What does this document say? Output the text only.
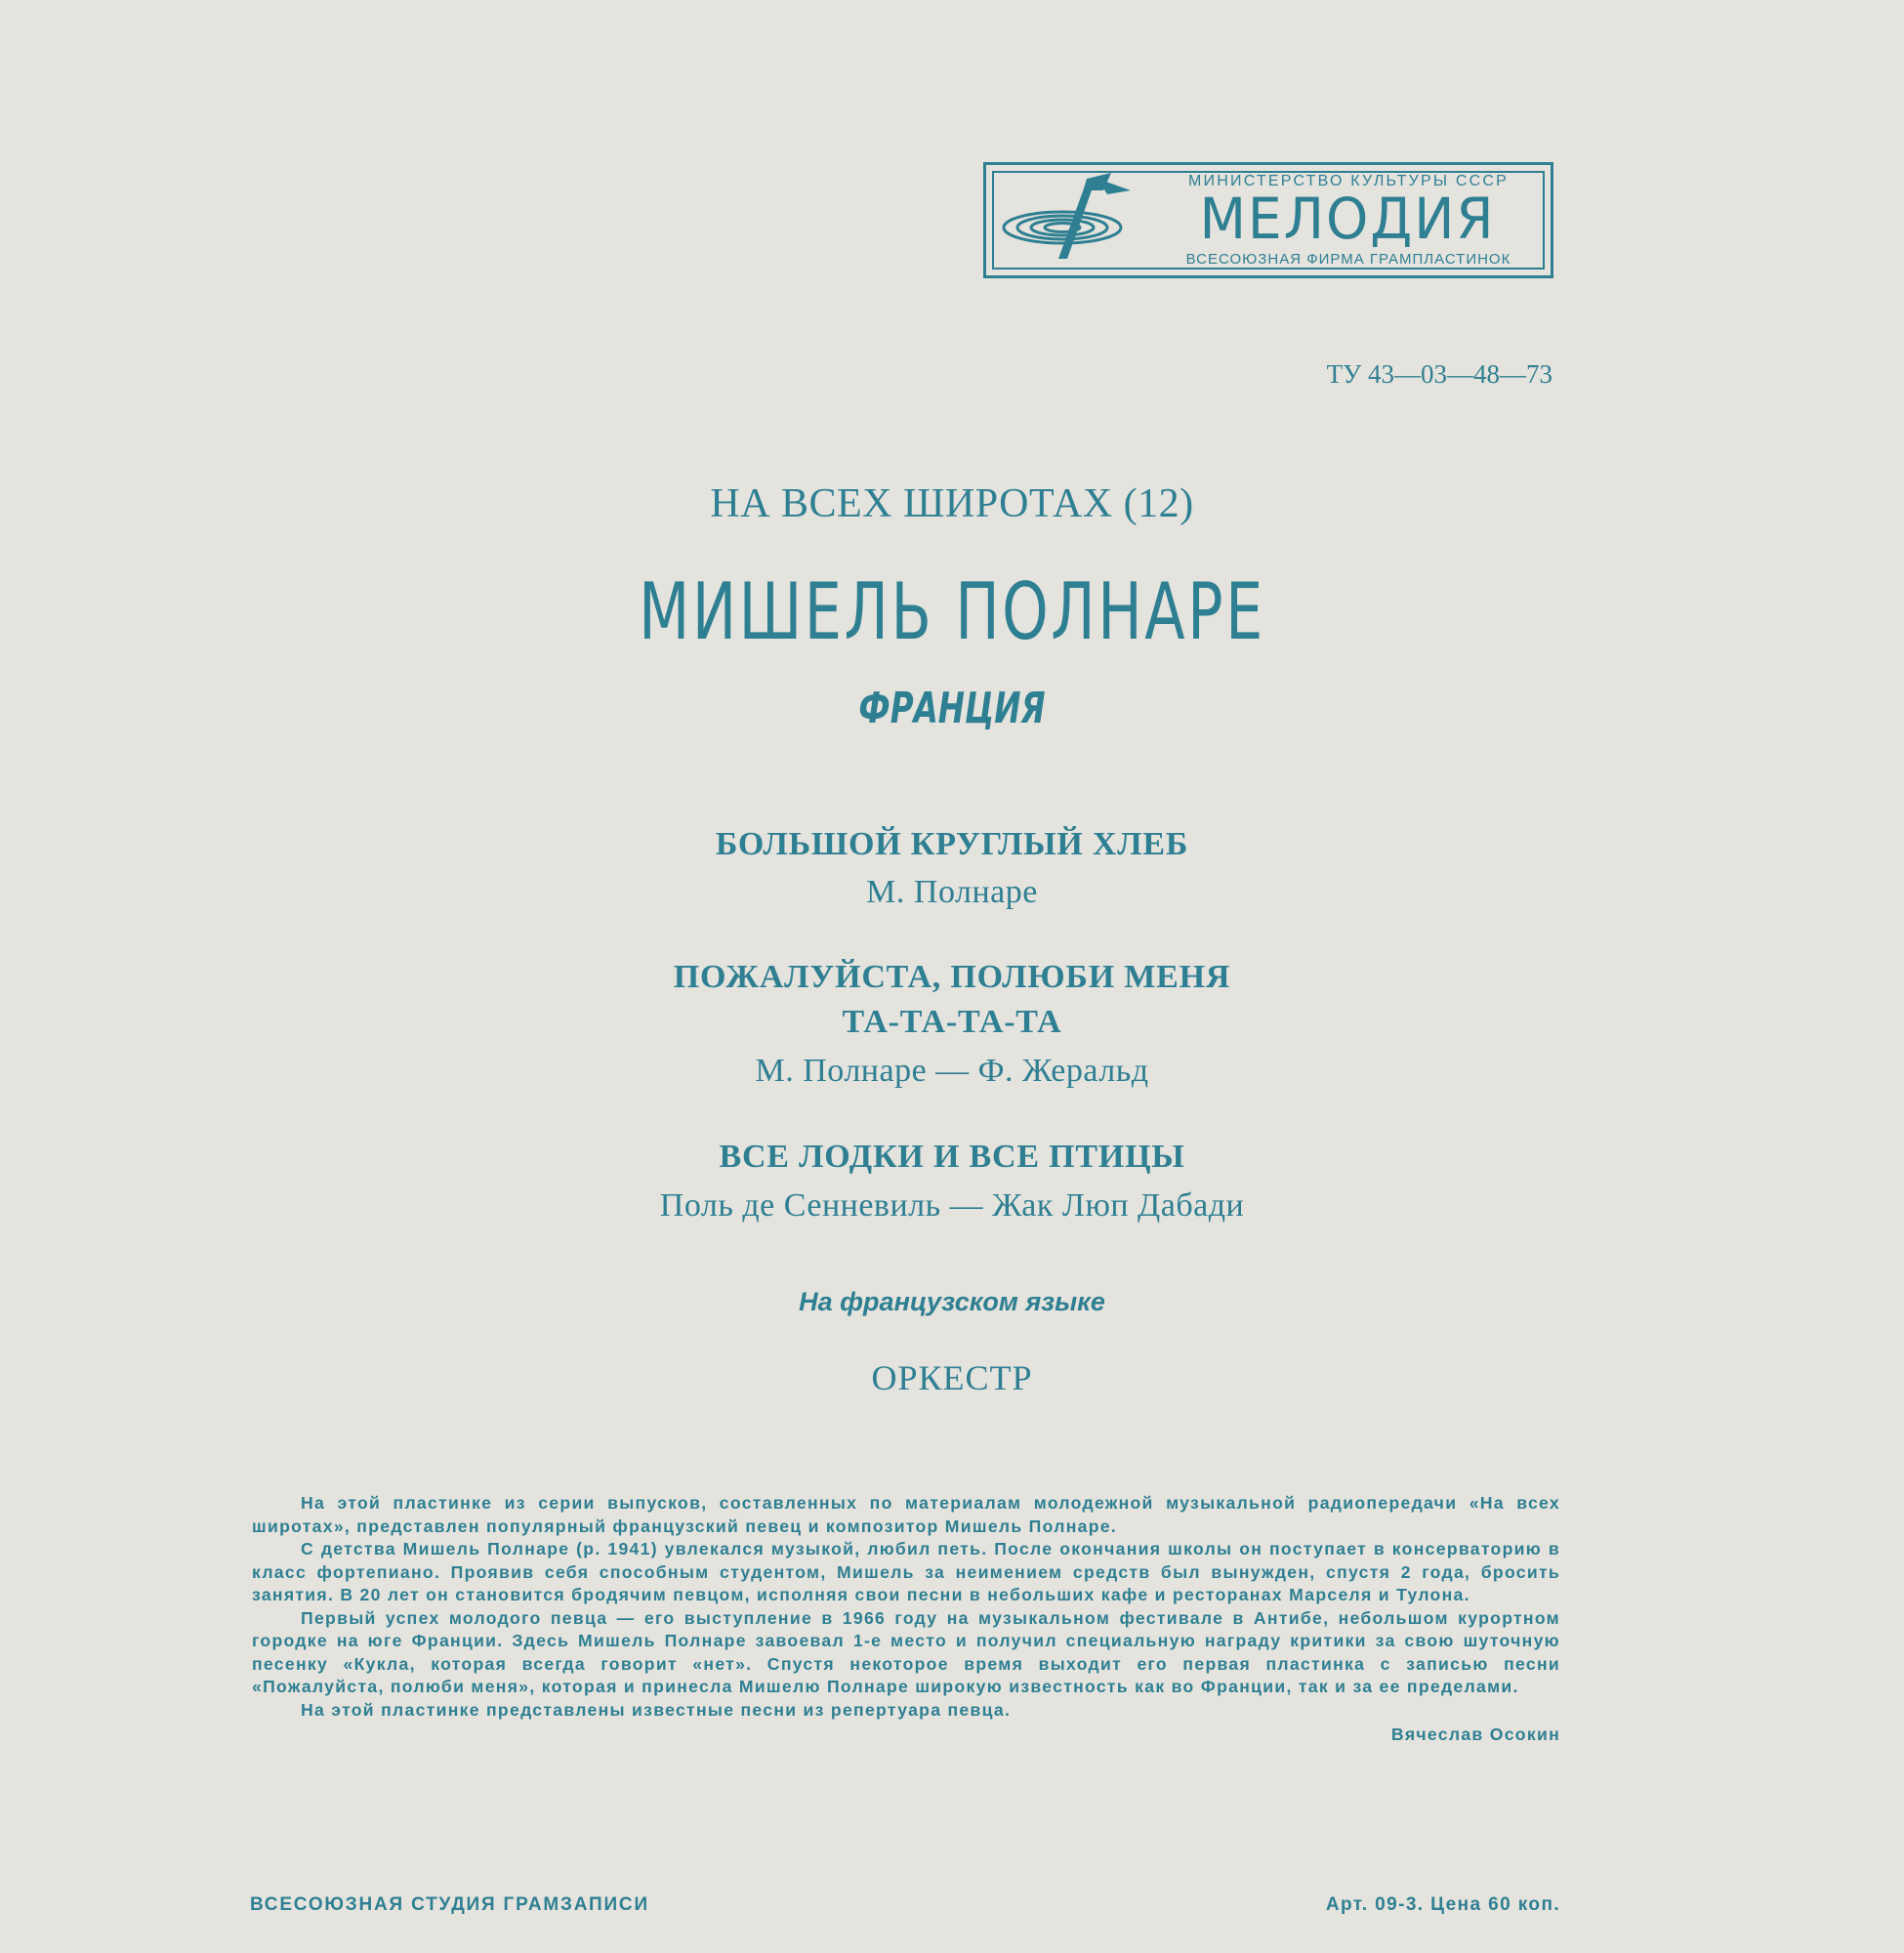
МИНИСТЕРСТВО КУЛЬТУРЫ СССР
МЕЛОДИЯ
ВСЕСОЮЗНАЯ ФИРМА ГРАМПЛАСТИНОК
ТУ 43—03—48—73
НА ВСЕХ ШИРОТАХ (12)
МИШЕЛЬ ПОЛНАРЕ
ФРАНЦИЯ
БОЛЬШОЙ КРУГЛЫЙ ХЛЕБ
М. Полнаре
ПОЖАЛУЙСТА, ПОЛЮБИ МЕНЯ
ТА-ТА-ТА-ТА
М. Полнаре — Ф. Жеральд
ВСЕ ЛОДКИ И ВСЕ ПТИЦЫ
Поль де Сенневиль — Жак Люп Дабади
На французском языке
ОРКЕСТР

На этой пластинке из серии выпусков, составленных по материалам молодежной музыкальной радиопередачи «На всех широтах», представлен популярный французский певец и композитор Мишель Полнаре.

С детства Мишель Полнаре (р. 1941) увлекался музыкой, любил петь. После окончания школы он поступает в консерваторию в класс фортепиано. Проявив себя способным студентом, Мишель за неимением средств был вынужден, спустя 2 года, бросить занятия. В 20 лет он становится бродячим певцом, исполняя свои песни в небольших кафе и ресторанах Марселя и Тулона.

Первый успех молодого певца — его выступление в 1966 году на музыкальном фестивале в Антибе, небольшом курортном городке на юге Франции. Здесь Мишель Полнаре завоевал 1-е место и получил специальную награду критики за свою шуточную песенку «Кукла, которая всегда говорит «нет». Спустя некоторое время выходит его первая пластинка с записью песни «Пожалуйста, полюби меня», которая и принесла Мишелю Полнаре широкую известность как во Франции, так и за ее пределами.

На этой пластинке представлены известные песни из репертуара певца.

Вячеслав Осокин

ВСЕСОЮЗНАЯ СТУДИЯ ГРАМЗАПИСИ	Арт. 09-3. Цена 60 коп.
